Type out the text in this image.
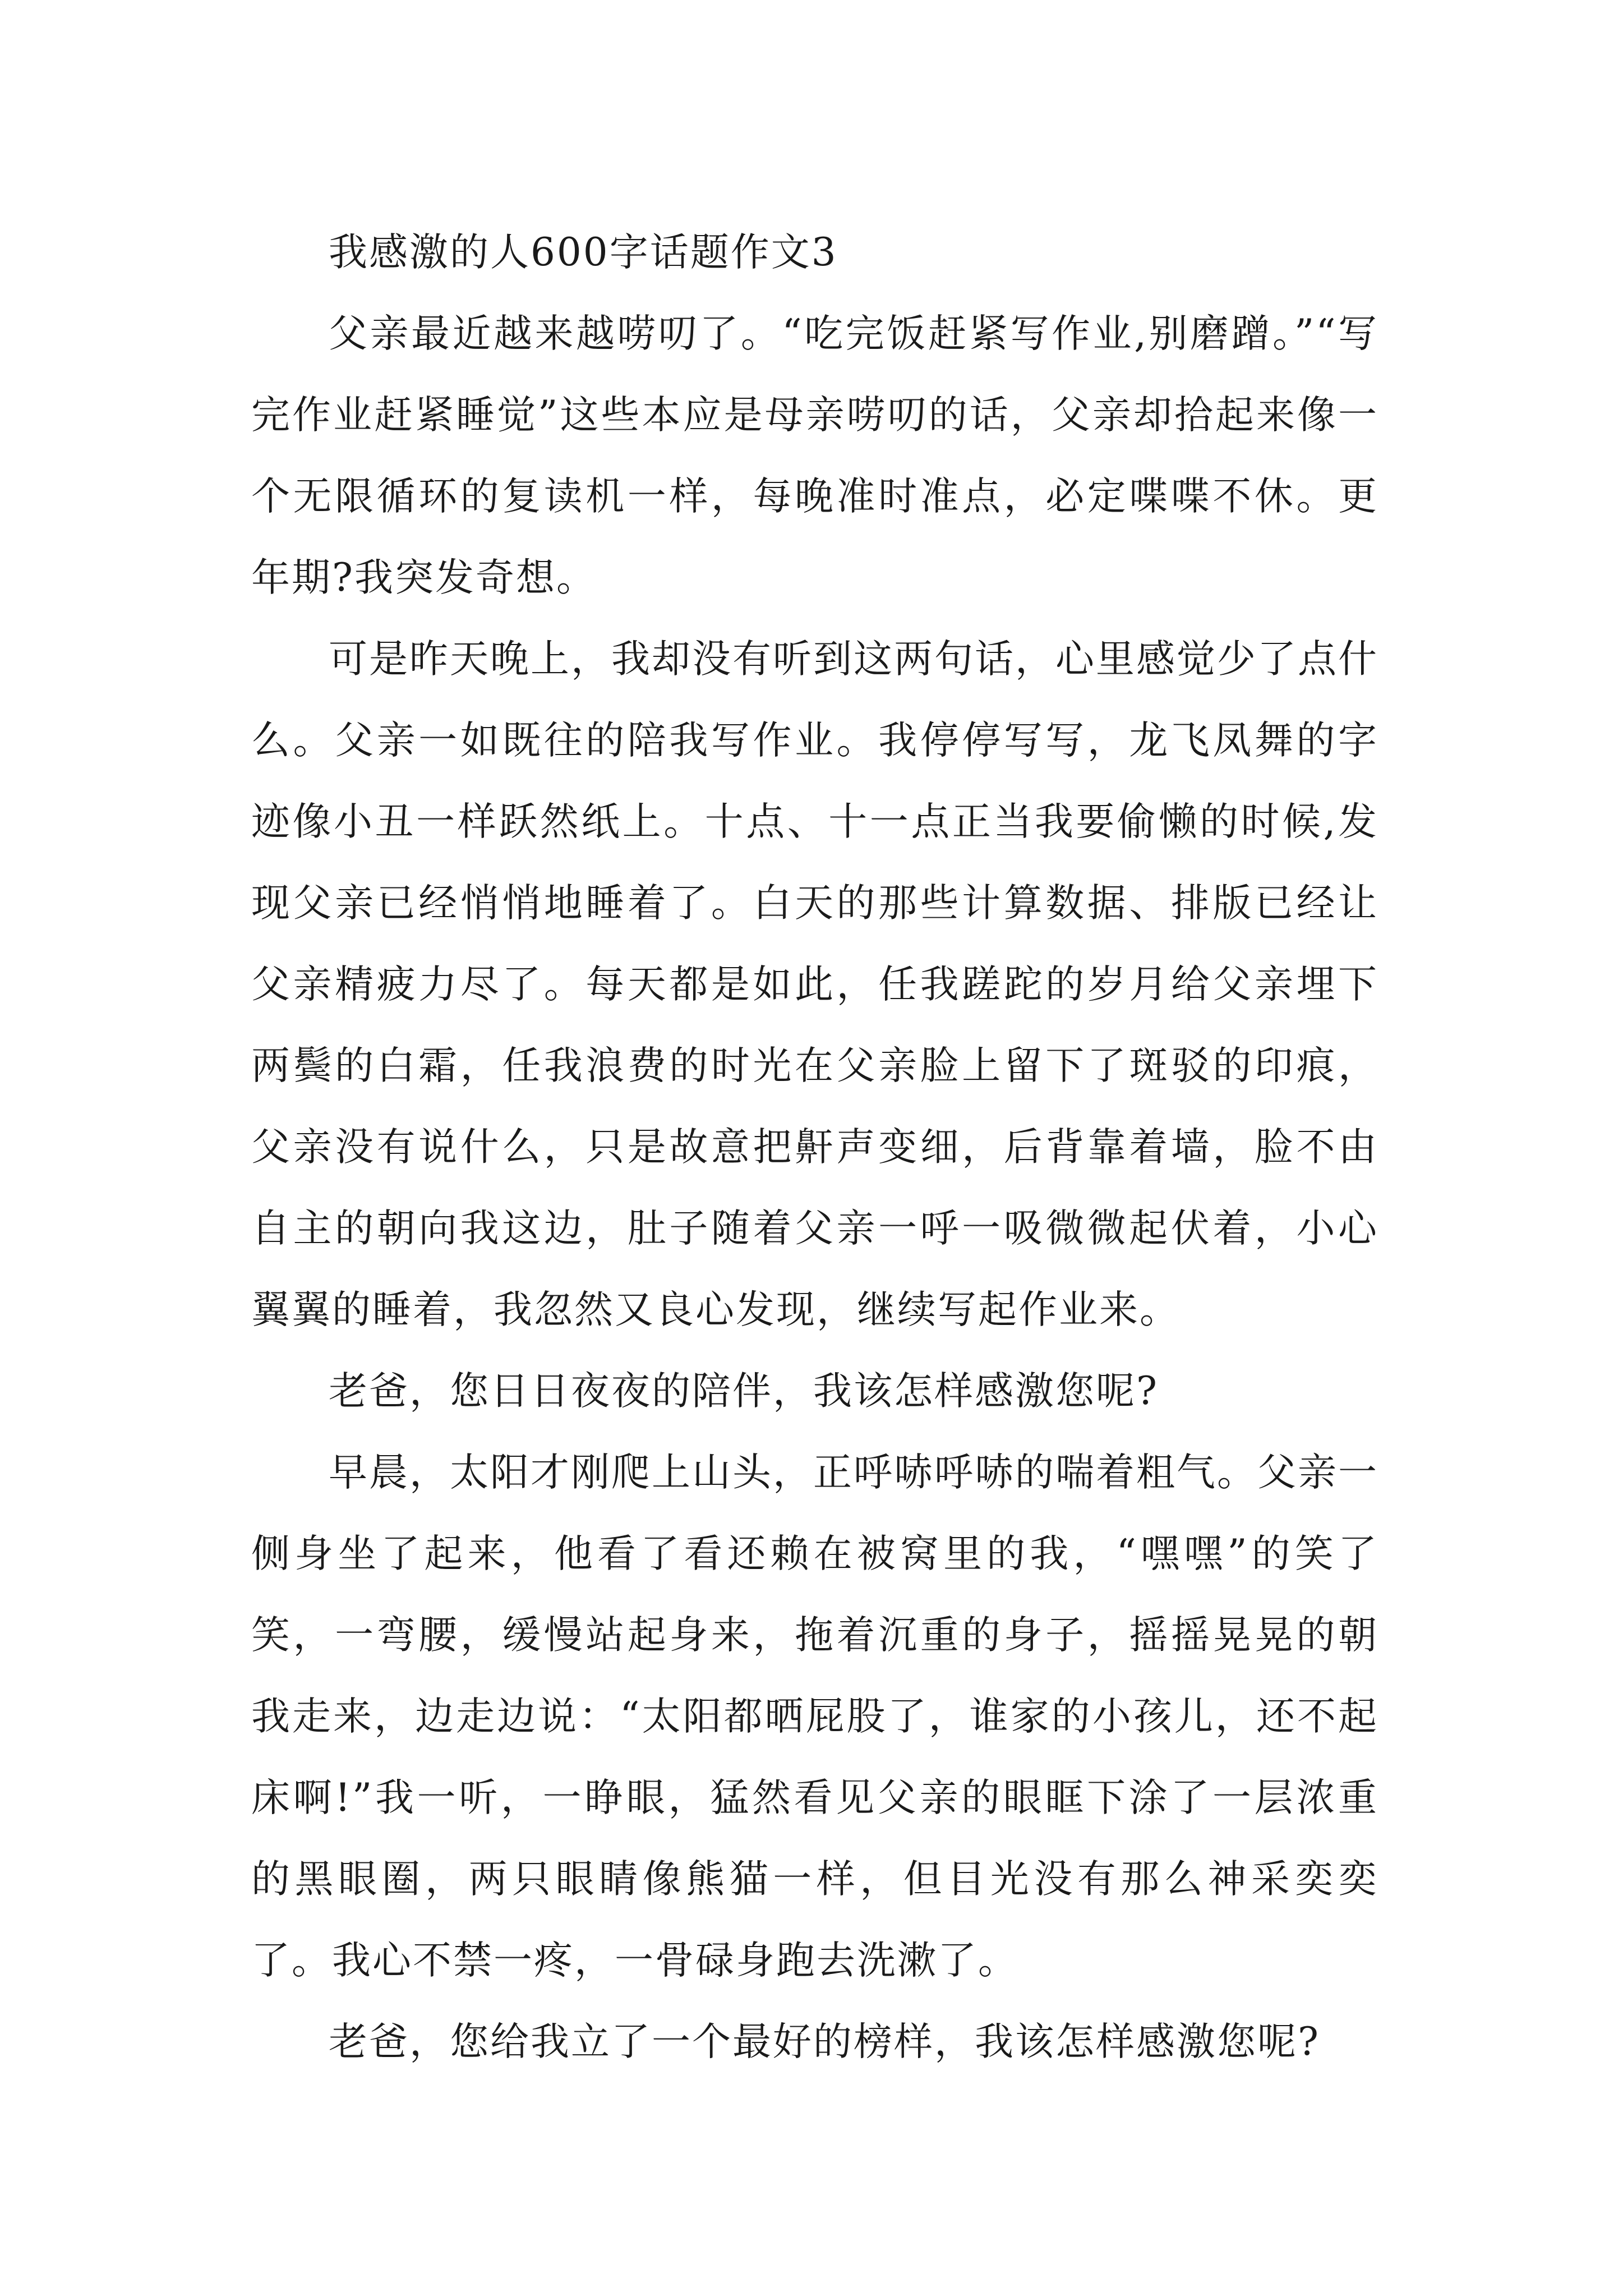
我感激的人600字话题作文3

父亲最近越来越唠叨了。“吃完饭赶紧写作业,别磨蹭。”“写完作业赶紧睡觉”这些本应是母亲唠叨的话，父亲却拾起来像一个无限循环的复读机一样，每晚准时准点，必定喋喋不休。更年期?我突发奇想。

可是昨天晚上，我却没有听到这两句话，心里感觉少了点什么。父亲一如既往的陪我写作业。我停停写写，龙飞凤舞的字迹像小丑一样跃然纸上。十点、十一点正当我要偷懒的时候,发现父亲已经悄悄地睡着了。白天的那些计算数据、排版已经让父亲精疲力尽了。每天都是如此，任我蹉跎的岁月给父亲埋下两鬓的白霜，任我浪费的时光在父亲脸上留下了斑驳的印痕，父亲没有说什么，只是故意把鼾声变细，后背靠着墙，脸不由自主的朝向我这边，肚子随着父亲一呼一吸微微起伏着，小心翼翼的睡着，我忽然又良心发现，继续写起作业来。

老爸，您日日夜夜的陪伴，我该怎样感激您呢?

早晨，太阳才刚爬上山头，正呼哧呼哧的喘着粗气。父亲一侧身坐了起来，他看了看还赖在被窝里的我，“嘿嘿”的笑了笑，一弯腰，缓慢站起身来，拖着沉重的身子，摇摇晃晃的朝我走来，边走边说：“太阳都晒屁股了，谁家的小孩儿，还不起床啊!”我一听，一睁眼，猛然看见父亲的眼眶下涂了一层浓重的黑眼圈，两只眼睛像熊猫一样，但目光没有那么神采奕奕了。我心不禁一疼，一骨碌身跑去洗漱了。

老爸，您给我立了一个最好的榜样，我该怎样感激您呢?
